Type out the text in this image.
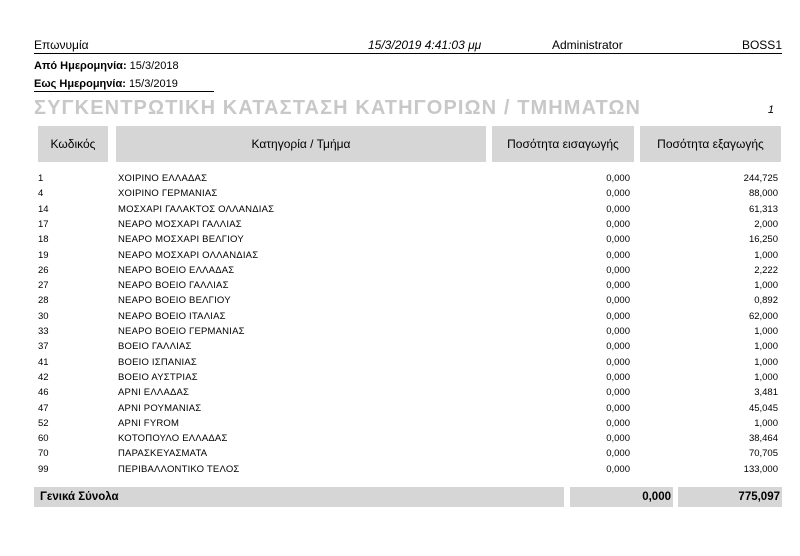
Επωνυμία	15/3/2019 4:41:03 μμ	Administrator	BOSS1
Από Ημερομηνία: 15/3/2018
Εως Ημερομηνία: 15/3/2019
ΣΥΓΚΕΝΤΡΩΤΙΚΗ ΚΑΤΑΣΤΑΣΗ ΚΑΤΗΓΟΡΙΩΝ / ΤΜΗΜΑΤΩΝ	1
Κωδικός	Κατηγορία / Τμήμα	Ποσότητα εισαγωγής	Ποσότητα εξαγωγής
1	ΧΟΙΡΙΝΟ ΕΛΛΑΔΑΣ	0,000	244,725
4	ΧΟΙΡΙΝΟ ΓΕΡΜΑΝΙΑΣ	0,000	88,000
14	ΜΟΣΧΑΡΙ ΓΑΛΑΚΤΟΣ ΟΛΛΑΝΔΙΑΣ	0,000	61,313
17	ΝΕΑΡΟ ΜΟΣΧΑΡΙ ΓΑΛΛΙΑΣ	0,000	2,000
18	ΝΕΑΡΟ ΜΟΣΧΑΡΙ ΒΕΛΓΙΟΥ	0,000	16,250
19	ΝΕΑΡΟ ΜΟΣΧΑΡΙ ΟΛΛΑΝΔΙΑΣ	0,000	1,000
26	ΝΕΑΡΟ ΒΟΕΙΟ ΕΛΛΑΔΑΣ	0,000	2,222
27	ΝΕΑΡΟ ΒΟΕΙΟ ΓΑΛΛΙΑΣ	0,000	1,000
28	ΝΕΑΡΟ ΒΟΕΙΟ ΒΕΛΓΙΟΥ	0,000	0,892
30	ΝΕΑΡΟ ΒΟΕΙΟ ΙΤΑΛΙΑΣ	0,000	62,000
33	ΝΕΑΡΟ ΒΟΕΙΟ ΓΕΡΜΑΝΙΑΣ	0,000	1,000
37	ΒΟΕΙΟ ΓΑΛΛΙΑΣ	0,000	1,000
41	ΒΟΕΙΟ ΙΣΠΑΝΙΑΣ	0,000	1,000
42	ΒΟΕΙΟ ΑΥΣΤΡΙΑΣ	0,000	1,000
46	ΑΡΝΙ ΕΛΛΑΔΑΣ	0,000	3,481
47	ΑΡΝΙ ΡΟΥΜΑΝΙΑΣ	0,000	45,045
52	ΑΡΝΙ FYROM	0,000	1,000
60	ΚΟΤΟΠΟΥΛΟ ΕΛΛΑΔΑΣ	0,000	38,464
70	ΠΑΡΑΣΚΕΥΑΣΜΑΤΑ	0,000	70,705
99	ΠΕΡΙΒΑΛΛΟΝΤΙΚΟ ΤΕΛΟΣ	0,000	133,000
Γενικά Σύνολα	0,000	775,097
